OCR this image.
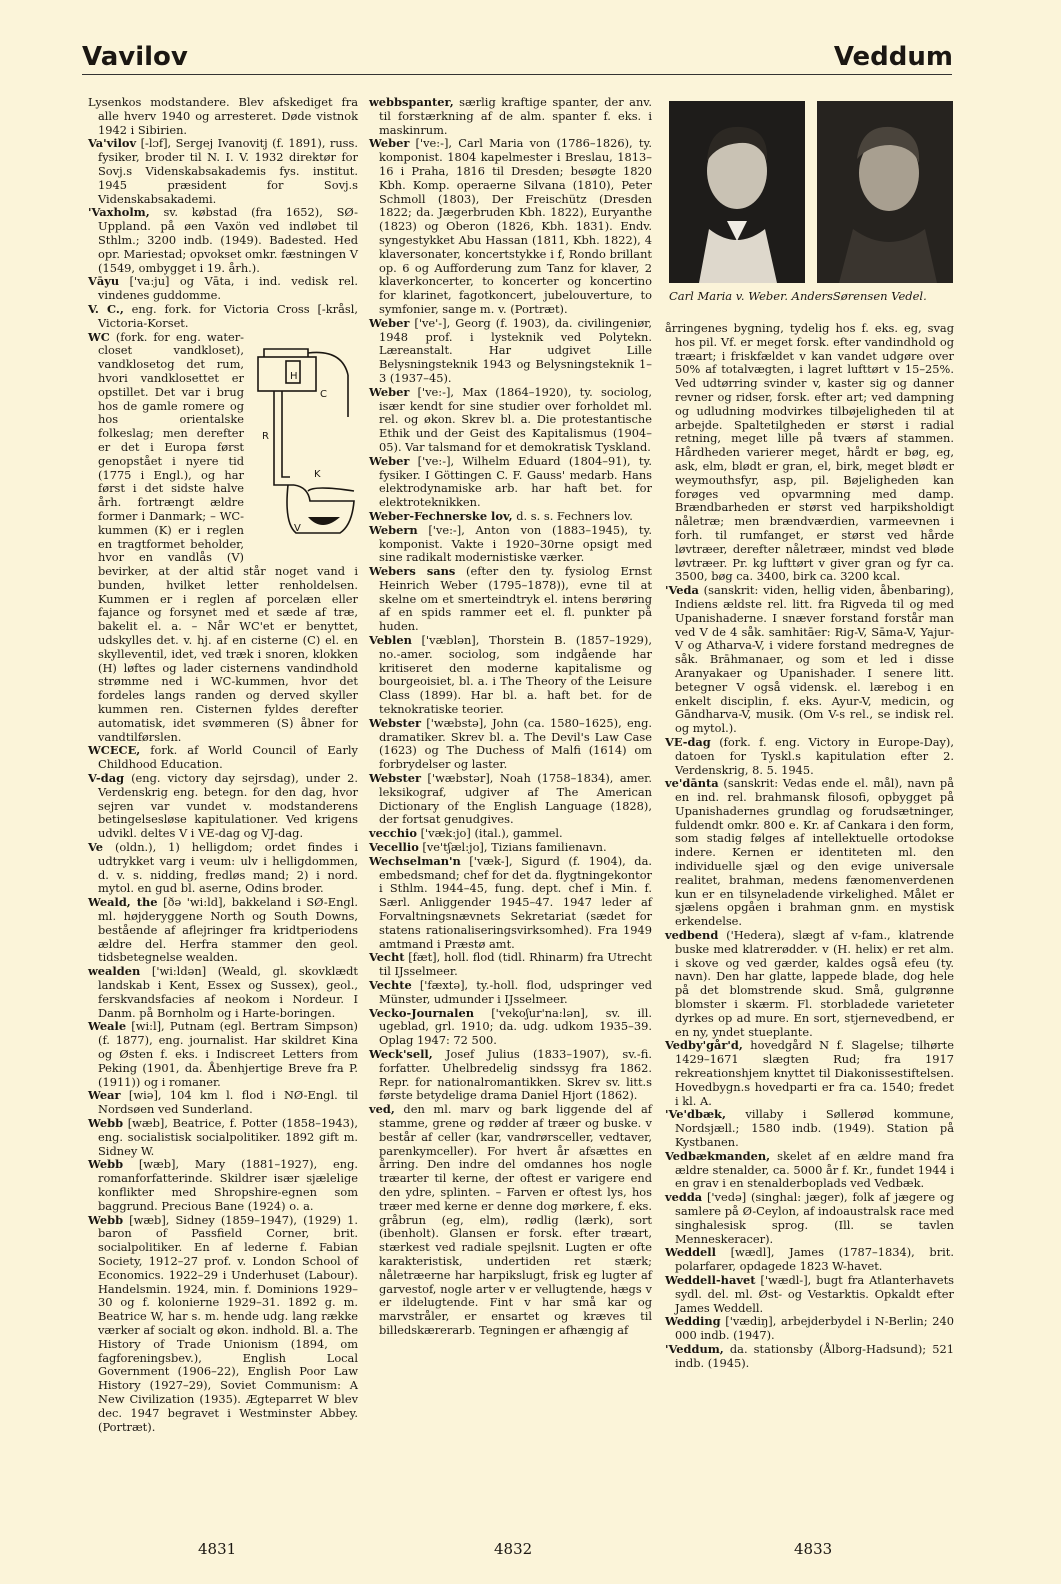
Vavilov	Veddum

Lysenkos modstandere. Blev afskediget fra alle hverv 1940 og arresteret. Døde vistnok 1942 i Sibirien.

Va'vilov [-lɔf], Sergej Ivanovitj (f. 1891), russ. fysiker, broder til N. I. V. 1932 direktør for Sovj.s Videnskabsakademis fys. institut. 1945 præsident for Sovj.s Videnskabsakademi.

'Vaxholm, sv. købstad (fra 1652), SØ-Uppland. på øen Vaxön ved indløbet til Sthlm.; 3200 indb. (1949). Badested. Hed opr. Mariestad; opvokset omkr. fæstningen V (1549, ombygget i 19. årh.).

Vāyu ['va:ju] og Vāta, i ind. vedisk rel. vindenes guddomme.

V. C., eng. fork. for Victoria Cross [-kråsl, Victoria-Korset.

H
C
R
K
V

WC (fork. for eng. water-closet vandkloset), vandklosetog det rum, hvori vandklosettet er opstillet. Det var i brug hos de gamle romere og hos orientalske folkeslag; men derefter er det i Europa først genopstået i nyere tid (1775 i Engl.), og har først i det sidste halve årh. fortrængt ældre former i Danmark; – WC-kummen (K) er i reglen en tragtformet beholder, hvor en vandlås (V) bevirker, at der altid står noget vand i bunden, hvilket letter renholdelsen. Kummen er i reglen af porcelæn eller fajance og forsynet med et sæde af træ, bakelit el. a. – Når WC'et er benyttet, udskylles det. v. hj. af en cisterne (C) el. en skylleventil, idet, ved træk i snoren, klokken (H) løftes og lader cisternens vandindhold strømme ned i WC-kummen, hvor det fordeles langs randen og derved skyller kummen ren. Cisternen fyldes derefter automatisk, idet svømmeren (S) åbner for vandtilførslen.

WCECE, fork. af World Council of Early Childhood Education.

V-dag (eng. victory day sejrsdag), under 2. Verdenskrig eng. betegn. for den dag, hvor sejren var vundet v. modstanderens betingelsesløse kapitulationer. Ved krigens udvikl. deltes V i VE-dag og VJ-dag.

Ve (oldn.), 1) helligdom; ordet findes i udtrykket varg i veum: ulv i helligdommen, d. v. s. nidding, fredløs mand; 2) i nord. mytol. en gud bl. aserne, Odins broder.

Weald, the [ðə 'wi:ld], bakkeland i SØ-Engl. ml. højderyggene North og South Downs, bestående af aflejringer fra kridtperiodens ældre del. Herfra stammer den geol. tidsbetegnelse wealden.

wealden ['wi:ldən] (Weald, gl. skovklædt landskab i Kent, Essex og Sussex), geol., ferskvandsfacies af neokom i Nordeur. I Danm. på Bornholm og i Harte-boringen.

Weale [wi:l], Putnam (egl. Bertram Simpson) (f. 1877), eng. journalist. Har skildret Kina og Østen f. eks. i Indiscreet Letters from Peking (1901, da. Åbenhjertige Breve fra P. (1911)) og i romaner.

Wear [wiə], 104 km l. flod i NØ-Engl. til Nordsøen ved Sunderland.

Webb [wæb], Beatrice, f. Potter (1858–1943), eng. socialistisk socialpolitiker. 1892 gift m. Sidney W.

Webb [wæb], Mary (1881–1927), eng. romanforfatterinde. Skildrer især sjælelige konflikter med Shropshire-egnen som baggrund. Precious Bane (1924) o. a.

Webb [wæb], Sidney (1859–1947), (1929) 1. baron of Passfield Corner, brit. socialpolitiker. En af lederne f. Fabian Society, 1912–27 prof. v. London School of Economics. 1922–29 i Underhuset (Labour). Handelsmin. 1924, min. f. Dominions 1929–30 og f. kolonierne 1929–31. 1892 g. m. Beatrice W, har s. m. hende udg. lang række værker af socialt og økon. indhold. Bl. a. The History of Trade Unionism (1894, om fagforeningsbev.), English Local Government (1906–22), English Poor Law History (1927–29), Soviet Communism: A New Civilization (1935). Ægteparret W blev dec. 1947 begravet i Westminster Abbey. (Portræt).

webbspanter, særlig kraftige spanter, der anv. til forstærkning af de alm. spanter f. eks. i maskinrum.

Weber ['ve:-], Carl Maria von (1786–1826), ty. komponist. 1804 kapelmester i Breslau, 1813–16 i Praha, 1816 til Dresden; besøgte 1820 Kbh. Komp. operaerne Silvana (1810), Peter Schmoll (1803), Der Freischütz (Dresden 1822; da. Jægerbruden Kbh. 1822), Euryanthe (1823) og Oberon (1826, Kbh. 1831). Endv. syngestykket Abu Hassan (1811, Kbh. 1822), 4 klaversonater, koncertstykke i f, Rondo brillant op. 6 og Aufforderung zum Tanz for klaver, 2 klaverkoncerter, to koncerter og koncertino for klarinet, fagotkoncert, jubelouverture, to symfonier, sange m. v. (Portræt).

Weber ['ve'-], Georg (f. 1903), da. civilingeniør, 1948 prof. i lysteknik ved Polytekn. Læreanstalt. Har udgivet Lille Belysningsteknik 1943 og Belysningsteknik 1–3 (1937–45).

Weber ['ve:-], Max (1864–1920), ty. sociolog, især kendt for sine studier over forholdet ml. rel. og økon. Skrev bl. a. Die protestantische Ethik und der Geist des Kapitalismus (1904–05). Var talsmand for et demokratisk Tyskland.

Weber ['ve:-], Wilhelm Eduard (1804–91), ty. fysiker. I Göttingen C. F. Gauss' medarb. Hans elektrodynamiske arb. har haft bet. for elektroteknikken.

Weber-Fechnerske lov, d. s. s. Fechners lov.

Webern ['ve:-], Anton von (1883–1945), ty. komponist. Vakte i 1920–30rne opsigt med sine radikalt modernistiske værker.

Webers sans (efter den ty. fysiolog Ernst Heinrich Weber (1795–1878)), evne til at skelne om et smerteindtryk el. intens berøring af en spids rammer eet el. fl. punkter på huden.

Veblen ['væblən], Thorstein B. (1857–1929), no.-amer. sociolog, som indgående har kritiseret den moderne kapitalisme og bourgeoisiet, bl. a. i The Theory of the Leisure Class (1899). Har bl. a. haft bet. for de teknokratiske teorier.

Webster ['wæbstə], John (ca. 1580–1625), eng. dramatiker. Skrev bl. a. The Devil's Law Case (1623) og The Duchess of Malfi (1614) om forbrydelser og laster.

Webster ['wæbstər], Noah (1758–1834), amer. leksikograf, udgiver af The American Dictionary of the English Language (1828), der fortsat genudgives.

vecchio ['væk:jo] (ital.), gammel.

Vecellio [ve'tʃæl:jo], Tizians familienavn.

Wechselman'n ['væk-], Sigurd (f. 1904), da. embedsmand; chef for det da. flygtningekontor i Sthlm. 1944–45, fung. dept. chef i Min. f. Særl. Anliggender 1945–47. 1947 leder af Forvaltningsnævnets Sekretariat (sædet for statens rationaliseringsvirksomhed). Fra 1949 amtmand i Præstø amt.

Vecht [fæt], holl. flod (tidl. Rhinarm) fra Utrecht til IJsselmeer.

Vechte ['fæxtə], ty.-holl. flod, udspringer ved Münster, udmunder i IJsselmeer.

Vecko-Journalen ['vekoʃur'na:lən], sv. ill. ugeblad, grl. 1910; da. udg. udkom 1935–39. Oplag 1947: 72 500.

Weck'sell, Josef Julius (1833–1907), sv.-fi. forfatter. Uhelbredelig sindssyg fra 1862. Repr. for nationalromantikken. Skrev sv. litt.s første betydelige drama Daniel Hjort (1862).

ved, den ml. marv og bark liggende del af stamme, grene og rødder af træer og buske. v består af celler (kar, vandrørsceller, vedtaver, parenkymceller). For hvert år afsættes en årring. Den indre del omdannes hos nogle træarter til kerne, der oftest er varigere end den ydre, splinten. – Farven er oftest lys, hos træer med kerne er denne dog mørkere, f. eks. gråbrun (eg, elm), rødlig (lærk), sort (ibenholt). Glansen er forsk. efter træart, stærkest ved radiale spejlsnit. Lugten er ofte karakteristisk, undertiden ret stærk; nåletræerne har harpikslugt, frisk eg lugter af garvestof, nogle arter v er vellugtende, hægs v er ildelugtende. Fint v har små kar og marvstråler, er ensartet og kræves til billedskærerarb. Tegningen er afhængig af

Carl Maria v. Weber. AndersSørensen Vedel.

årringenes bygning, tydelig hos f. eks. eg, svag hos pil. Vf. er meget forsk. efter vandindhold og træart; i friskfældet v kan vandet udgøre over 50% af totalvægten, i lagret lufttørt v 15–25%. Ved udtørring svinder v, kaster sig og danner revner og ridser, forsk. efter art; ved dampning og udludning modvirkes tilbøjeligheden til at arbejde. Spaltetilgheden er størst i radial retning, meget lille på tværs af stammen. Hårdheden varierer meget, hårdt er bøg, eg, ask, elm, blødt er gran, el, birk, meget blødt er weymouthsfyr, asp, pil. Bøjeligheden kan forøges ved opvarmning med damp. Brændbarheden er størst ved harpiksholdigt nåletræ; men brændværdien, varmeevnen i forh. til rumfanget, er størst ved hårde løvtræer, derefter nåletræer, mindst ved bløde løvtræer. Pr. kg lufttørt v giver gran og fyr ca. 3500, bøg ca. 3400, birk ca. 3200 kcal.

'Veda (sanskrit: viden, hellig viden, åbenbaring), Indiens ældste rel. litt. fra Rigveda til og med Upanishaderne. I snæver forstand forstår man ved V de 4 såk. samhitāer: Rig-V, Sāma-V, Yajur-V og Atharva-V, i videre forstand medregnes de såk. Brāhmanaer, og som et led i disse Aranyakaer og Upanishader. I senere litt. betegner V også vidensk. el. lærebog i en enkelt disciplin, f. eks. Ayur-V, medicin, og Gāndharva-V, musik. (Om V-s rel., se indisk rel. og mytol.).

VE-dag (fork. f. eng. Victory in Europe-Day), datoen for Tyskl.s kapitulation efter 2. Verdenskrig, 8. 5. 1945.

ve'dānta (sanskrit: Vedas ende el. mål), navn på en ind. rel. brahmansk filosofi, opbygget på Upanishadernes grundlag og forudsætninger, fuldendt omkr. 800 e. Kr. af Cankara i den form, som stadig følges af intellektuelle ortodokse indere. Kernen er identiteten ml. den individuelle sjæl og den evige universale realitet, brahman, medens fænomenverdenen kun er en tilsyneladende virkelighed. Målet er sjælens opgåen i brahman gnm. en mystisk erkendelse.

vedbend ('Hedera), slægt af v-fam., klatrende buske med klatrerødder. v (H. helix) er ret alm. i skove og ved gærder, kaldes også efeu (ty. navn). Den har glatte, lappede blade, dog hele på det blomstrende skud. Små, gulgrønne blomster i skærm. Fl. storbladede varieteter dyrkes op ad mure. En sort, stjernevedbend, er en ny, yndet stueplante.

Vedby'går'd, hovedgård N f. Slagelse; tilhørte 1429–1671 slægten Rud; fra 1917 rekreationshjem knyttet til Diakonissestiftelsen. Hovedbygn.s hovedparti er fra ca. 1540; fredet i kl. A.

'Ve'dbæk, villaby i Søllerød kommune, Nordsjæll.; 1580 indb. (1949). Station på Kystbanen.

Vedbækmanden, skelet af en ældre mand fra ældre stenalder, ca. 5000 år f. Kr., fundet 1944 i en grav i en stenalderboplads ved Vedbæk.

vedda ['vedə] (singhal: jæger), folk af jægere og samlere på Ø-Ceylon, af indoaustralsk race med singhalesisk sprog. (Ill. se tavlen Menneskeracer).

Weddell [wædl], James (1787–1834), brit. polarfarer, opdagede 1823 W-havet.

Weddell-havet ['wædl-], bugt fra Atlanterhavets sydl. del. ml. Øst- og Vestarktis. Opkaldt efter James Weddell.

Wedding ['vædiŋ], arbejderbydel i N-Berlin; 240 000 indb. (1947).

'Veddum, da. stationsby (Ålborg-Hadsund); 521 indb. (1945).

4831	4832	4833
